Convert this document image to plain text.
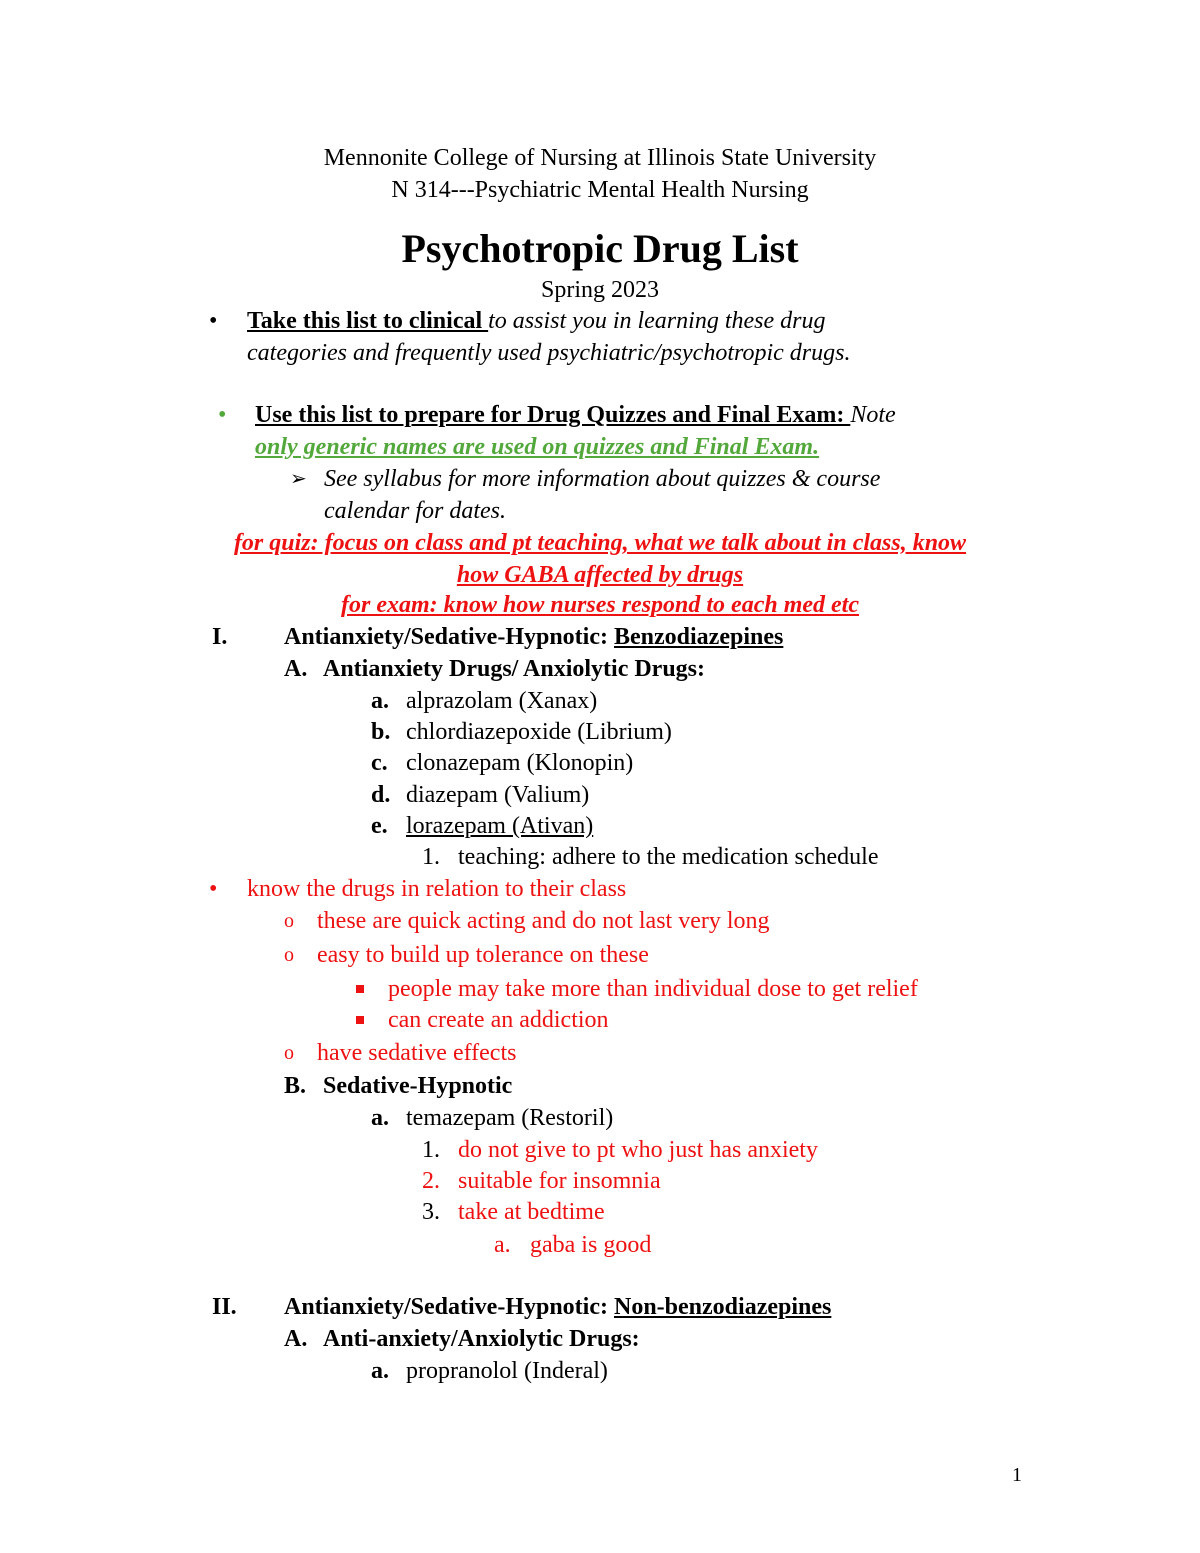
Mennonite College of Nursing at Illinois State University
N 314---Psychiatric Mental Health Nursing
Psychotropic Drug List
Spring 2023
• Take this list to clinical to assist you in learning these drug
categories and frequently used psychiatric/psychotropic drugs.
• Use this list to prepare for Drug Quizzes and Final Exam: Note
only generic names are used on quizzes and Final Exam.
➢ See syllabus for more information about quizzes & course
calendar for dates.
for quiz: focus on class and pt teaching, what we talk about in class, know
how GABA affected by drugs
for exam: know how nurses respond to each med etc
I. Antianxiety/Sedative-Hypnotic: Benzodiazepines
A. Antianxiety Drugs/ Anxiolytic Drugs:
a. alprazolam (Xanax)
b. chlordiazepoxide (Librium)
c. clonazepam (Klonopin)
d. diazepam (Valium)
e. lorazepam (Ativan)
1. teaching: adhere to the medication schedule
• know the drugs in relation to their class
o these are quick acting and do not last very long
o easy to build up tolerance on these
people may take more than individual dose to get relief
can create an addiction
o have sedative effects
B. Sedative-Hypnotic
a. temazepam (Restoril)
1. do not give to pt who just has anxiety
2. suitable for insomnia
3. take at bedtime
a. gaba is good
II. Antianxiety/Sedative-Hypnotic: Non-benzodiazepines
A. Anti-anxiety/Anxiolytic Drugs:
a. propranolol (Inderal)
1
